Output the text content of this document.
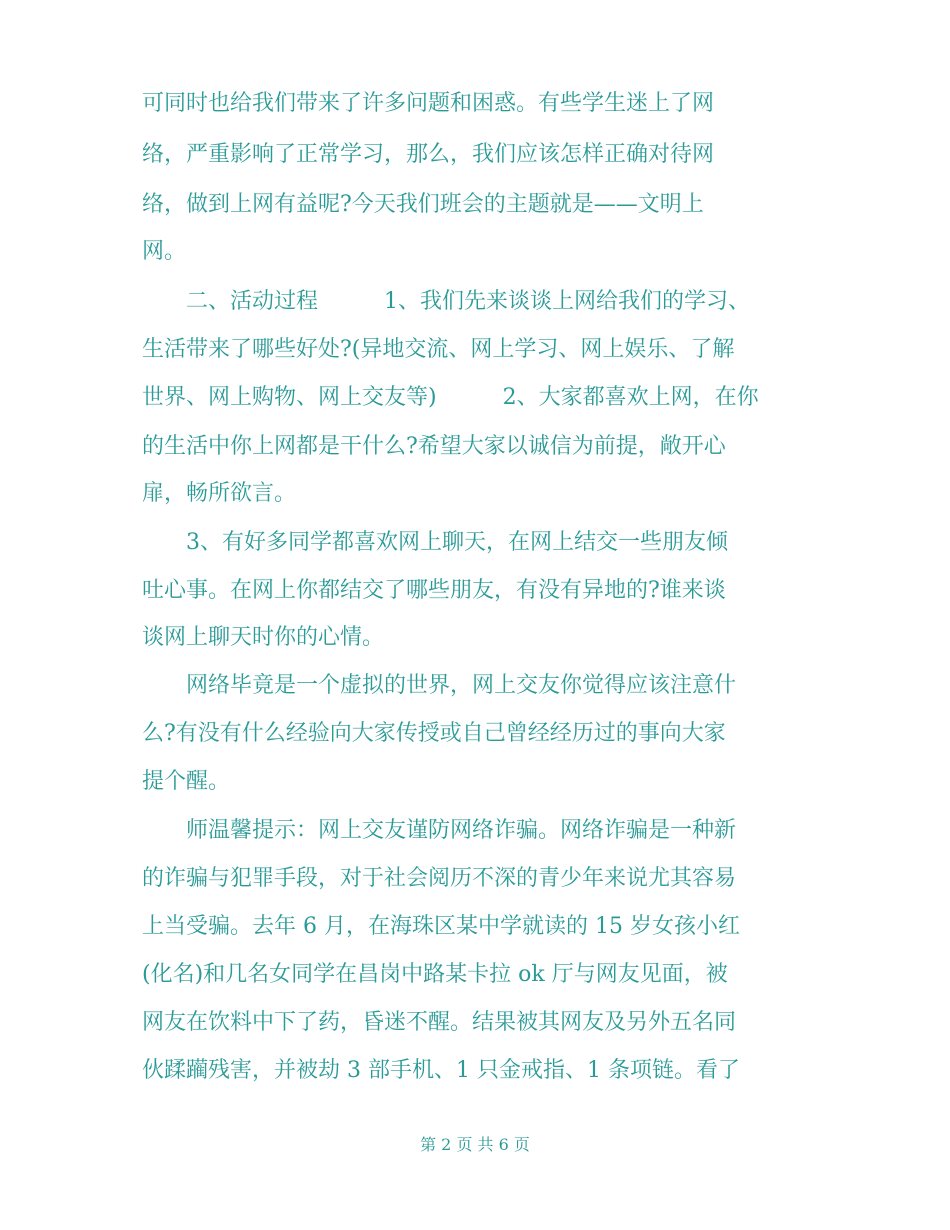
可同时也给我们带来了许多问题和困惑。有些学生迷上了网
络，严重影响了正常学习，那么，我们应该怎样正确对待网
络，做到上网有益呢?今天我们班会的主题就是——文明上
网。
　　二、活动过程　　　1、我们先来谈谈上网给我们的学习、
生活带来了哪些好处?(异地交流、网上学习、网上娱乐、了解
世界、网上购物、网上交友等)　　　2、大家都喜欢上网，在你
的生活中你上网都是干什么?希望大家以诚信为前提，敞开心
扉，畅所欲言。
　　3、有好多同学都喜欢网上聊天，在网上结交一些朋友倾
吐心事。在网上你都结交了哪些朋友，有没有异地的?谁来谈
谈网上聊天时你的心情。
　　网络毕竟是一个虚拟的世界，网上交友你觉得应该注意什
么?有没有什么经验向大家传授或自己曾经经历过的事向大家
提个醒。
　　师温馨提示：网上交友谨防网络诈骗。网络诈骗是一种新
的诈骗与犯罪手段，对于社会阅历不深的青少年来说尤其容易
上当受骗。去年 6 月，在海珠区某中学就读的 15 岁女孩小红
(化名)和几名女同学在昌岗中路某卡拉 ok 厅与网友见面，被
网友在饮料中下了药，昏迷不醒。结果被其网友及另外五名同
伙蹂躏残害，并被劫 3 部手机、1 只金戒指、1 条项链。看了
第 2 页 共 6 页
